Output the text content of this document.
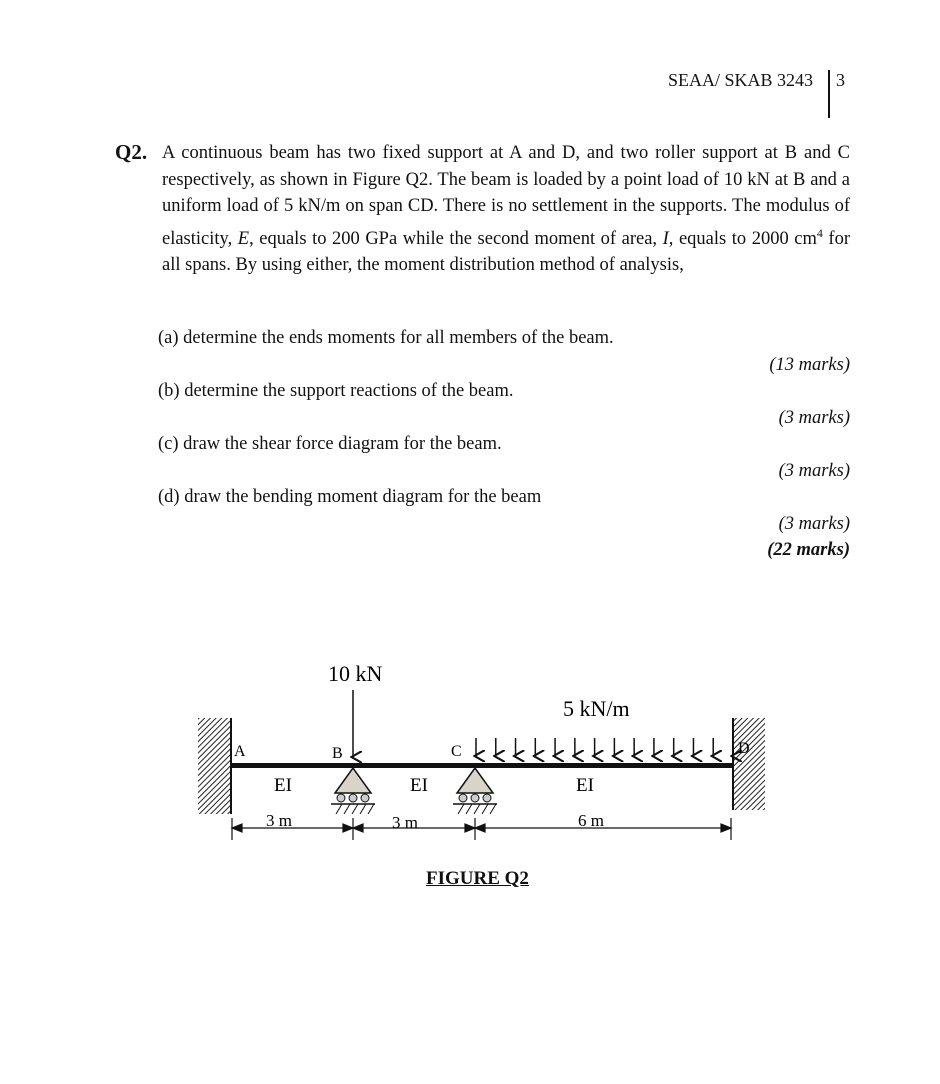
SEAA/ SKAB 3243 3
Q2. A continuous beam has two fixed support at A and D, and two roller support at B and C respectively, as shown in Figure Q2. The beam is loaded by a point load of 10 kN at B and a uniform load of 5 kN/m on span CD. There is no settlement in the supports. The modulus of elasticity, E, equals to 200 GPa while the second moment of area, I, equals to 2000 $cm^4$ for all spans. By using either, the moment distribution method of analysis,
(a) determine the ends moments for all members of the beam.
(13 marks)
(b) determine the support reactions of the beam.
(3 marks)
(c) draw the shear force diagram for the beam.
(3 marks)
(d) draw the bending moment diagram for the beam
(3 marks)
(22 marks)
10 kN
5 kN/m
A	B	C	D
EI	EI	EI
3 m	3 m	6 m
FIGURE Q2
